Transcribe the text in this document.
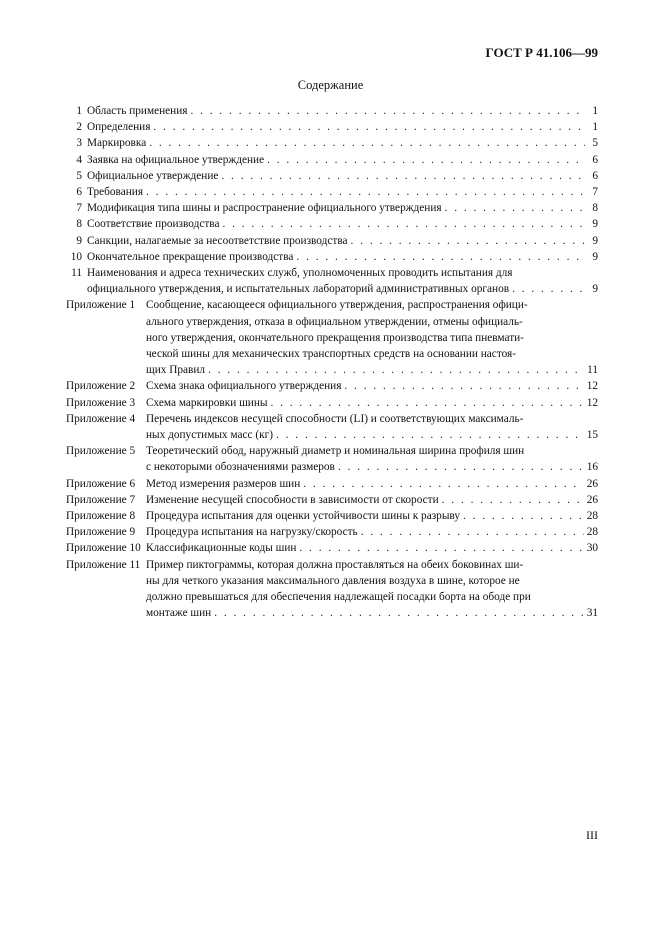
ГОСТ Р 41.106—99
Содержание
1 Область применения . . .	1
2 Определения . . .	1
3 Маркировка . . .	5
4 Заявка на официальное утверждение . . .	6
5 Официальное утверждение . . .	6
6 Требования . . .	7
7 Модификация типа шины и распространение официального утверждения . . .	8
8 Соответствие производства . . .	9
9 Санкции, налагаемые за несоответствие производства . . .	9
10 Окончательное прекращение производства . . .	9
11 Наименования и адреса технических служб, уполномоченных проводить испытания для
официального утверждения, и испытательных лабораторий административных органов . . .	9
Приложение 1 Сообщение, касающееся официального утверждения, распространения офици-
ального утверждения, отказа в официальном утверждении, отмены официаль-
ного утверждения, окончательного прекращения производства типа пневмати-
ческой шины для механических транспортных средств на основании настоя-
щих Правил . . .	11
Приложение 2 Схема знака официального утверждения . . .	12
Приложение 3 Схема маркировки шины . . .	12
Приложение 4 Перечень индексов несущей способности (LI) и соответствующих максималь-
ных допустимых масс (кг) . . .	15
Приложение 5 Теоретический обод, наружный диаметр и номинальная ширина профиля шин
с некоторыми обозначениями размеров . . .	16
Приложение 6 Метод измерения размеров шин . . .	26
Приложение 7 Изменение несущей способности в зависимости от скорости . . .	26
Приложение 8 Процедура испытания для оценки устойчивости шины к разрыву . . .	28
Приложение 9 Процедура испытания на нагрузку/скорость . . .	28
Приложение 10 Классификационные коды шин . . .	30
Приложение 11 Пример пиктограммы, которая должна проставляться на обеих боковинах ши-
ны для четкого указания максимального давления воздуха в шине, которое не
должно превышаться для обеспечения надлежащей посадки борта на ободе при
монтаже шин . . .	31
III
